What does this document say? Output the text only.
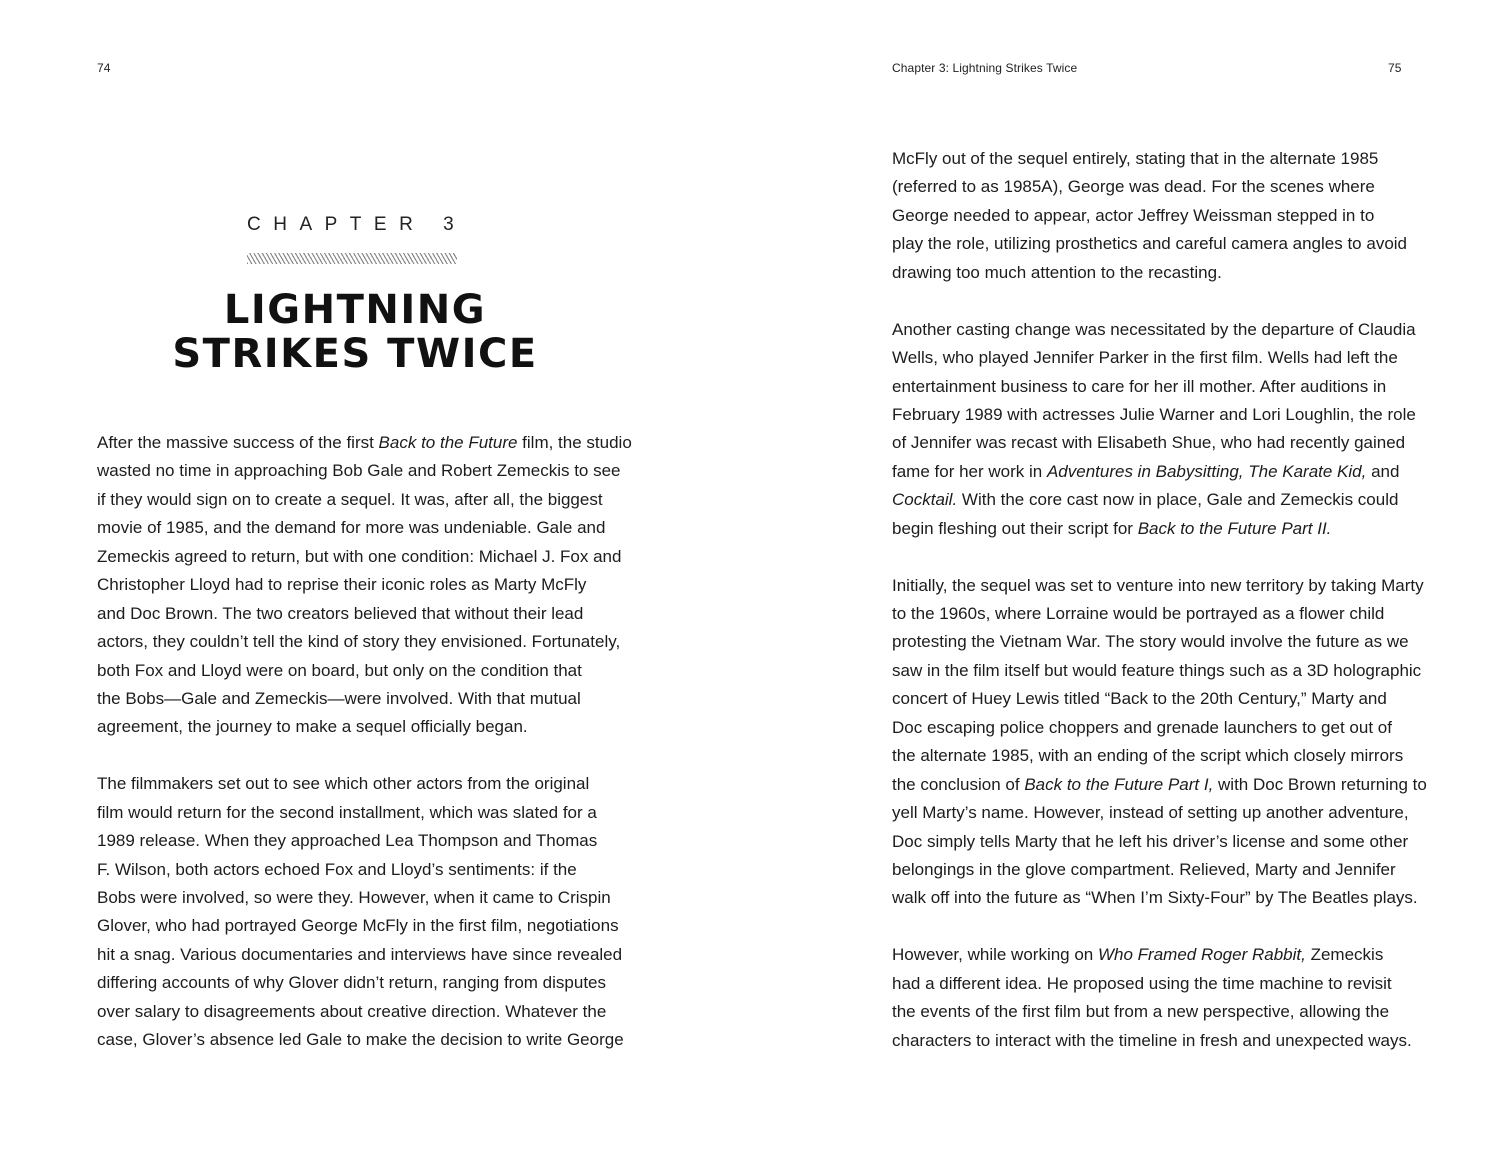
74
CHAPTER 3
LIGHTNING
STRIKES TWICE
After the massive success of the first Back to the Future film, the studio
wasted no time in approaching Bob Gale and Robert Zemeckis to see
if they would sign on to create a sequel. It was, after all, the biggest
movie of 1985, and the demand for more was undeniable. Gale and
Zemeckis agreed to return, but with one condition: Michael J. Fox and
Christopher Lloyd had to reprise their iconic roles as Marty McFly
and Doc Brown. The two creators believed that without their lead
actors, they couldn’t tell the kind of story they envisioned. Fortunately,
both Fox and Lloyd were on board, but only on the condition that
the Bobs—Gale and Zemeckis—were involved. With that mutual
agreement, the journey to make a sequel officially began.
The filmmakers set out to see which other actors from the original
film would return for the second installment, which was slated for a
1989 release. When they approached Lea Thompson and Thomas
F. Wilson, both actors echoed Fox and Lloyd’s sentiments: if the
Bobs were involved, so were they. However, when it came to Crispin
Glover, who had portrayed George McFly in the first film, negotiations
hit a snag. Various documentaries and interviews have since revealed
differing accounts of why Glover didn’t return, ranging from disputes
over salary to disagreements about creative direction. Whatever the
case, Glover’s absence led Gale to make the decision to write George
Chapter 3: Lightning Strikes Twice	75
McFly out of the sequel entirely, stating that in the alternate 1985
(referred to as 1985A), George was dead. For the scenes where
George needed to appear, actor Jeffrey Weissman stepped in to
play the role, utilizing prosthetics and careful camera angles to avoid
drawing too much attention to the recasting.
Another casting change was necessitated by the departure of Claudia
Wells, who played Jennifer Parker in the first film. Wells had left the
entertainment business to care for her ill mother. After auditions in
February 1989 with actresses Julie Warner and Lori Loughlin, the role
of Jennifer was recast with Elisabeth Shue, who had recently gained
fame for her work in Adventures in Babysitting, The Karate Kid, and
Cocktail. With the core cast now in place, Gale and Zemeckis could
begin fleshing out their script for Back to the Future Part II.
Initially, the sequel was set to venture into new territory by taking Marty
to the 1960s, where Lorraine would be portrayed as a flower child
protesting the Vietnam War. The story would involve the future as we
saw in the film itself but would feature things such as a 3D holographic
concert of Huey Lewis titled “Back to the 20th Century,” Marty and
Doc escaping police choppers and grenade launchers to get out of
the alternate 1985, with an ending of the script which closely mirrors
the conclusion of Back to the Future Part I, with Doc Brown returning to
yell Marty’s name. However, instead of setting up another adventure,
Doc simply tells Marty that he left his driver’s license and some other
belongings in the glove compartment. Relieved, Marty and Jennifer
walk off into the future as “When I’m Sixty-Four” by The Beatles plays.
However, while working on Who Framed Roger Rabbit, Zemeckis
had a different idea. He proposed using the time machine to revisit
the events of the first film but from a new perspective, allowing the
characters to interact with the timeline in fresh and unexpected ways.
